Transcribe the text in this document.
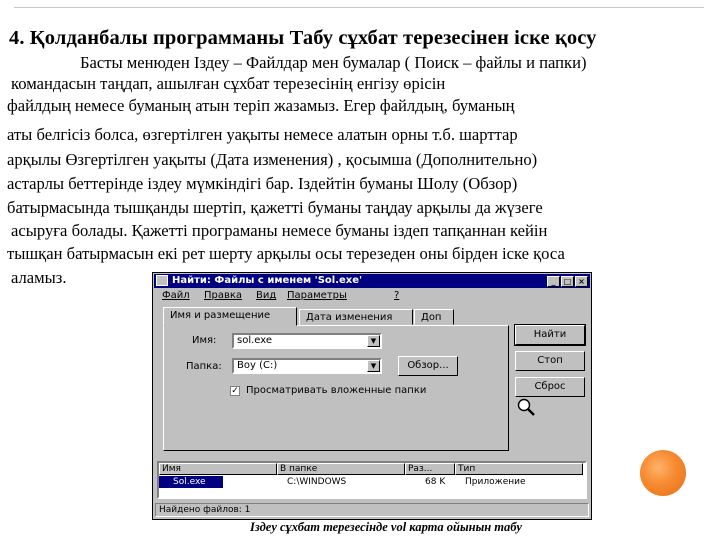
4. Қолданбалы программаны Табу сұхбат терезесінен іске қосу
Басты менюден Іздеу – Файлдар мен бумалар ( Поиск – файлы и папки)
командасын таңдап, ашылған сұхбат терезесінің енгізу өрісін
файлдың немесе буманың атын теріп жазамыз. Егер файлдың, буманың
аты белгісіз болса, өзгертілген уақыты немесе алатын орны т.б. шарттар
арқылы Өзгертілген уақыты (Дата изменения) , қосымша (Дополнительно)
астарлы беттерінде іздеу мүмкіндігі бар. Іздейтін буманы Шолу (Обзор)
батырмасында тышқанды шертіп, қажетті буманы таңдау арқылы да жүзеге
асыруға болады. Қажетті програманы немесе буманы іздеп тапқаннан кейін
тышқан батырмасын екі рет шерту арқылы осы терезеден оны бірден іске қоса
аламыз.	Найти: Файлы с именем 'Sol.exe'	_	□ ×
Файл Правка Вид Параметры	?
Имя и размещение	Дата изменения	Доп
Имя:	sol.exe	▼
Папка:	Boy (C:)	▼	Обзор...
✓ Просматривать вложенные папки
Найти
Стоп
Сброс
Имя	В папке	Раз...	Тип
Sol.exe	C:\WINDOWS	68 K Приложение
Найдено файлов: 1
Іздеу сұхбат терезесіндe vol карта ойынын табу
